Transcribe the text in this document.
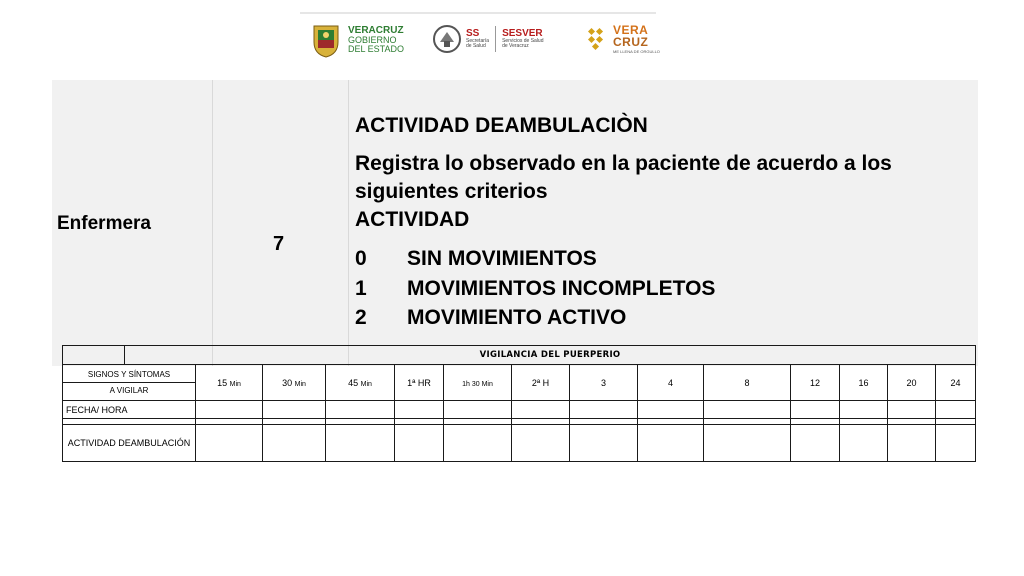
VERACRUZ
GOBIERNO
DEL ESTADO
SS
Secretaría
de Salud
SESVER
Servicios de Salud
de Veracruz
VERA
CRUZ
ME LLENA DE ORGULLO
Enfermera
7

ACTIVIDAD DEAMBULACIÒN

Registra lo observado en la paciente de acuerdo a los siguientes criterios

ACTIVIDAD

0	SIN MOVIMIENTOS
1	MOVIMIENTOS INCOMPLETOS
2	MOVIMIENTO ACTIVO
	VIGILANCIA DEL PUERPERIO													

SIGNOS Y SÍNTOMAS
A VIGILAR		15 Min	30 Min	45 Min	1ª HR	1h 30 Min	2ª H	3	4	8	12	16	20	24
FECHA/ HORA														

ACTIVIDAD DEAMBULACIÓN														
